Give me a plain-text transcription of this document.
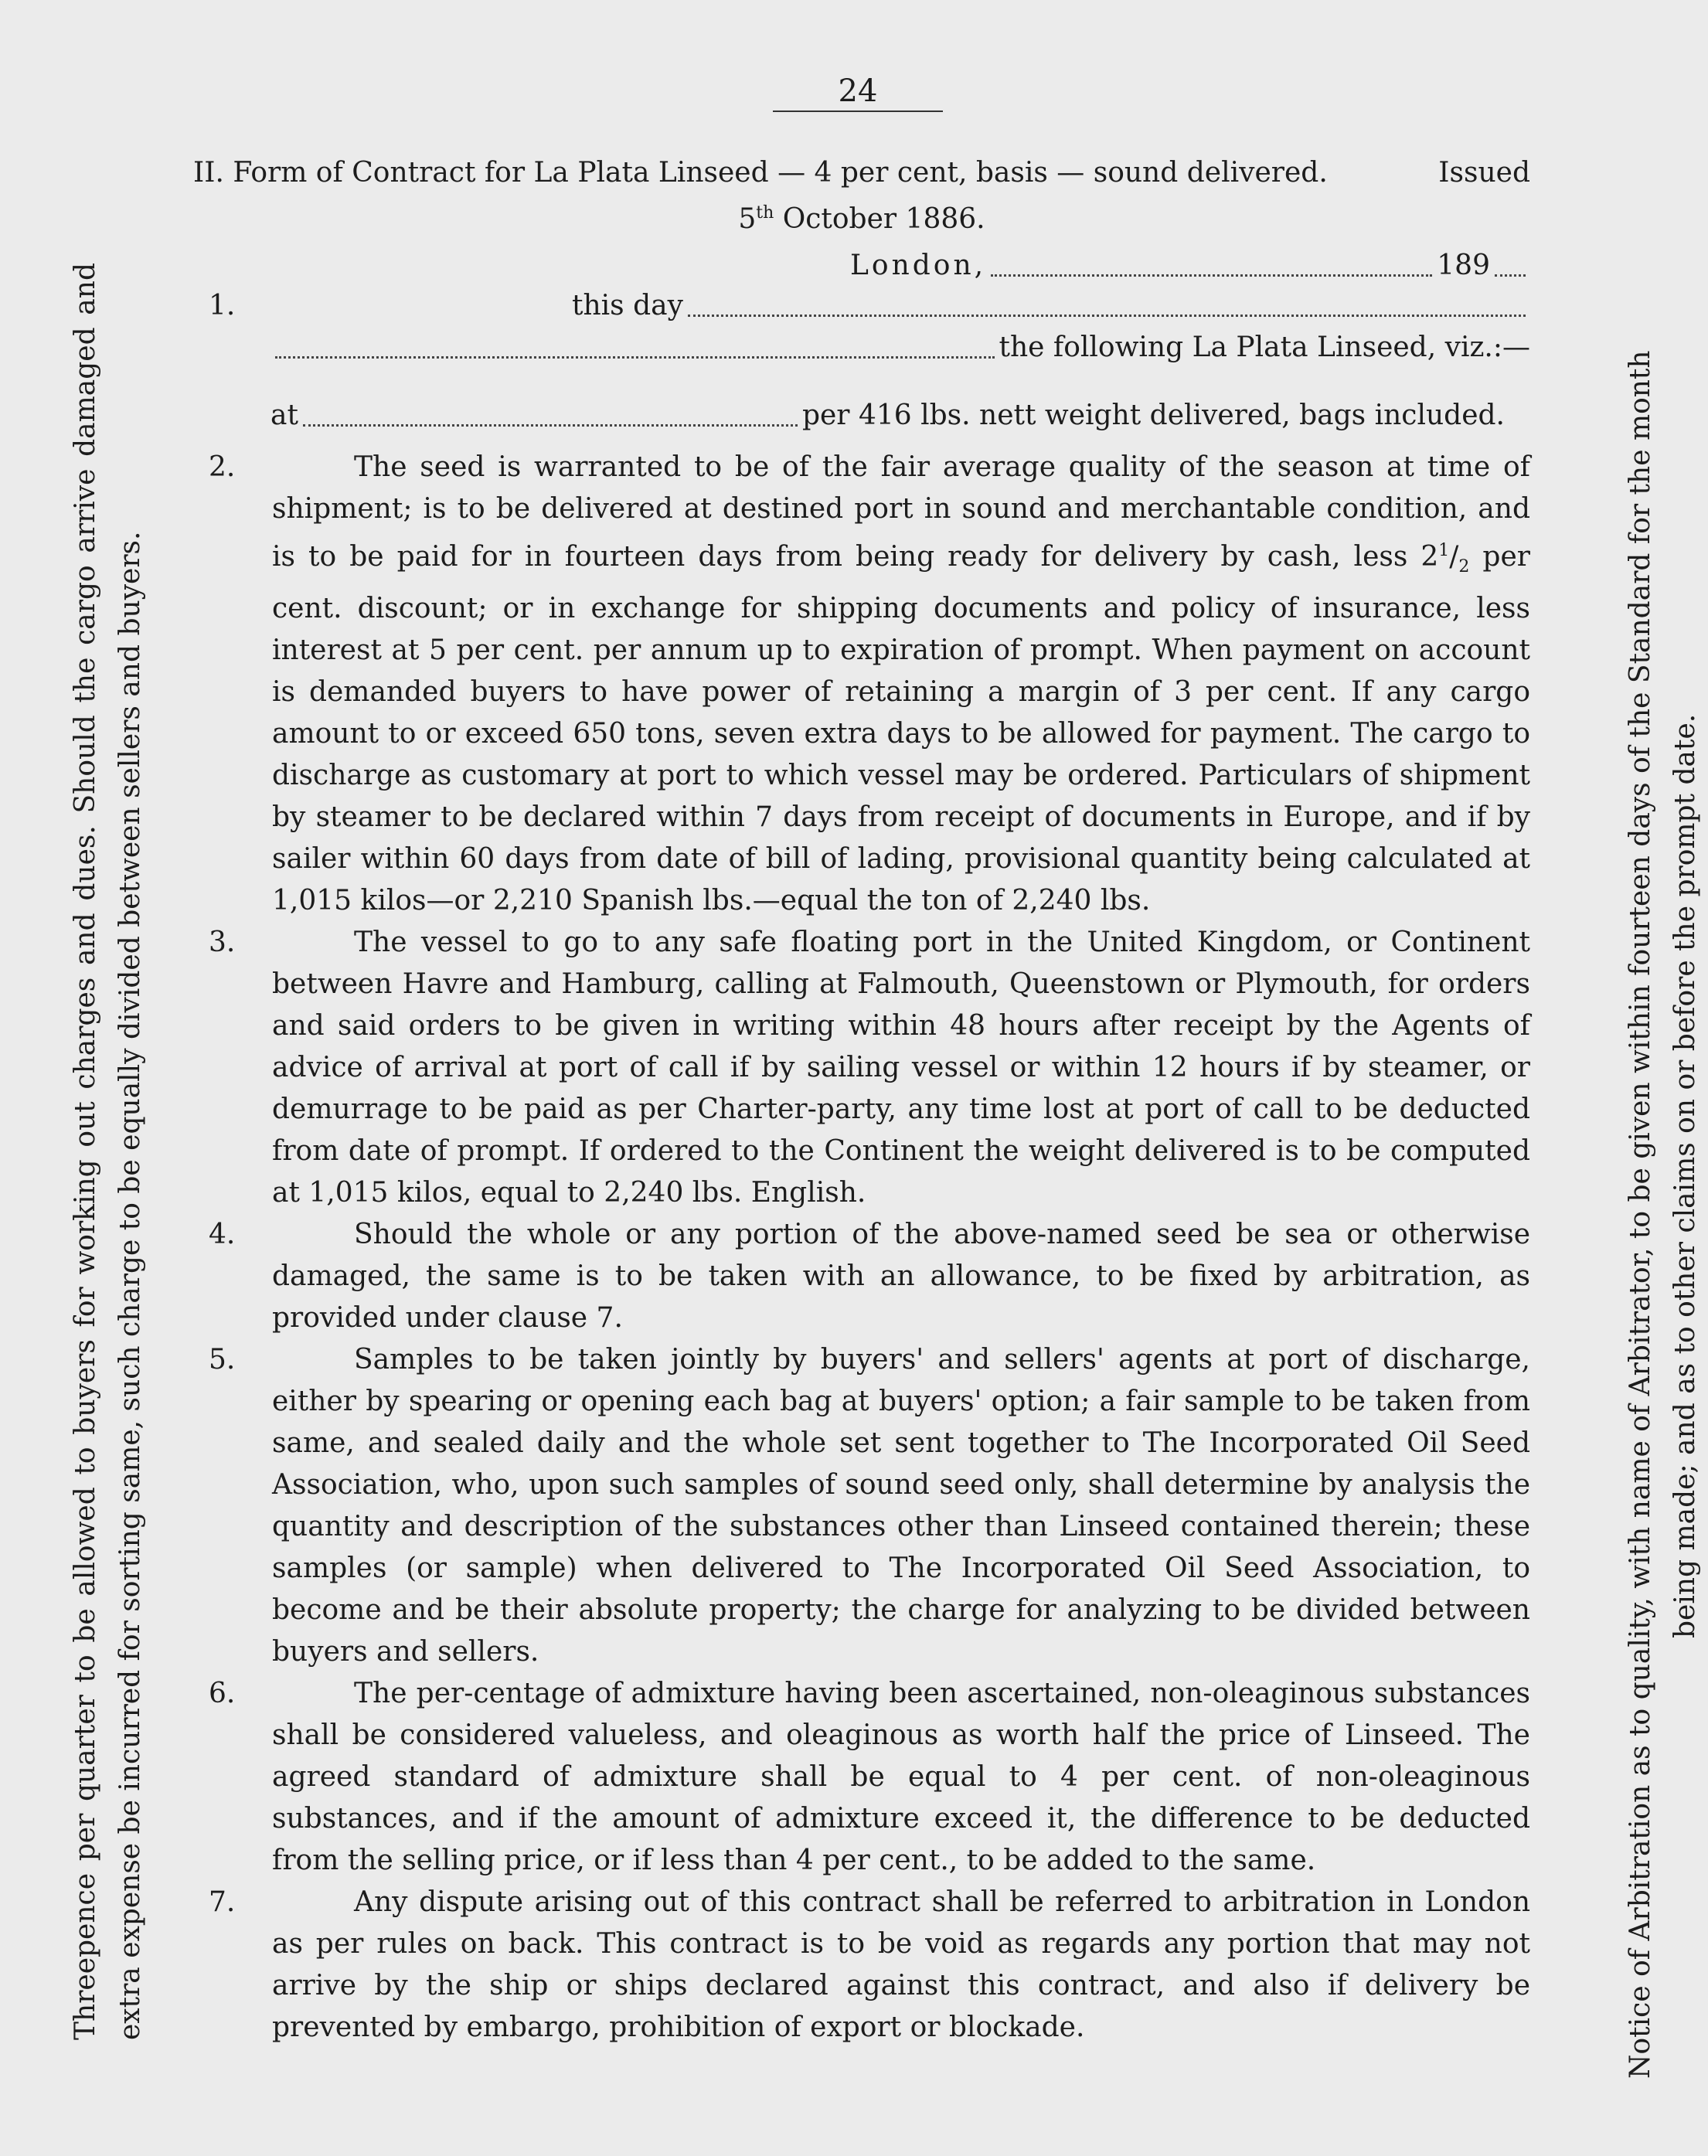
24
II. Form of Contract for La Plata Linseed — 4 per cent, basis — sound delivered.	Issued
5th October 1886.
London,	189
1.	this day
the following La Plata Linseed, viz.:—
at	per 416 lbs. nett weight delivered, bags included.
2.	The seed is warranted to be of the fair average quality of the season at time of shipment; is to be delivered at destined port in sound and merchantable condition, and is to be paid for in fourteen days from being ready for delivery by cash, less $2^1/_2$ per cent. discount; or in exchange for shipping documents and policy of insurance, less interest at 5 per cent. per annum up to expiration of prompt. When payment on account is demanded buyers to have power of retaining a margin of 3 per cent. If any cargo amount to or exceed 650 tons, seven extra days to be allowed for payment. The cargo to discharge as customary at port to which vessel may be ordered. Particulars of shipment by steamer to be declared within 7 days from receipt of documents in Europe, and if by sailer within 60 days from date of bill of lading, provisional quantity being calculated at 1,015 kilos—or 2,210 Spanish lbs.—equal the ton of 2,240 lbs.
3.	The vessel to go to any safe floating port in the United Kingdom, or Continent between Havre and Hamburg, calling at Falmouth, Queenstown or Plymouth, for orders and said orders to be given in writing within 48 hours after receipt by the Agents of advice of arrival at port of call if by sailing vessel or within 12 hours if by steamer, or demurrage to be paid as per Charter-party, any time lost at port of call to be deducted from date of prompt. If ordered to the Continent the weight delivered is to be computed at 1,015 kilos, equal to 2,240 lbs. English.
4.	Should the whole or any portion of the above-named seed be sea or otherwise damaged, the same is to be taken with an allowance, to be fixed by arbitration, as provided under clause 7.
5.	Samples to be taken jointly by buyers' and sellers' agents at port of discharge, either by spearing or opening each bag at buyers' option; a fair sample to be taken from same, and sealed daily and the whole set sent together to The Incorporated Oil Seed Association, who, upon such samples of sound seed only, shall determine by analysis the quantity and description of the substances other than Linseed contained therein; these samples (or sample) when delivered to The Incorporated Oil Seed Association, to become and be their absolute property; the charge for analyzing to be divided between buyers and sellers.
6.	The per-centage of admixture having been ascertained, non-oleaginous substances shall be considered valueless, and oleaginous as worth half the price of Linseed. The agreed standard of admixture shall be equal to 4 per cent. of non-oleaginous substances, and if the amount of admixture exceed it, the difference to be deducted from the selling price, or if less than 4 per cent., to be added to the same.
7.	Any dispute arising out of this contract shall be referred to arbitration in London as per rules on back. This contract is to be void as regards any portion that may not arrive by the ship or ships declared against this contract, and also if delivery be prevented by embargo, prohibition of export or blockade.
Threepence per quarter to be allowed to buyers for working out charges and dues. Should the cargo arrive damaged and extra expense be incurred for sorting same, such charge to be equally divided between sellers and buyers.	Notice of Arbitration as to quality, with name of Arbitrator, to be given within fourteen days of the Standard for the month being made; and as to other claims on or before the prompt date.
